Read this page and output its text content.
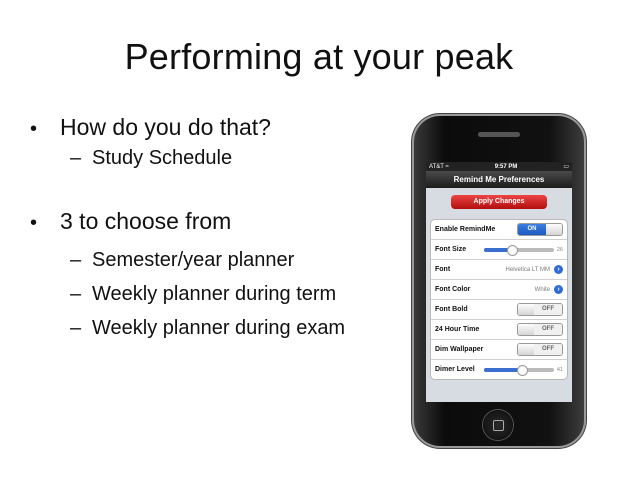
Performing at your peak
• How do you do that?
– Study Schedule
• 3 to choose from
– Semester/year planner
– Weekly planner during term
– Weekly planner during exam
AT&T ≈	9:57 PM	▭
Remind Me Preferences
Apply Changes
Enable RemindMe	ON
Font Size	26
Font	Helvetica LT MM	›
Font Color	White	›
Font Bold	OFF
24 Hour Time	OFF
Dim Wallpaper	OFF
Dimer Level	41
